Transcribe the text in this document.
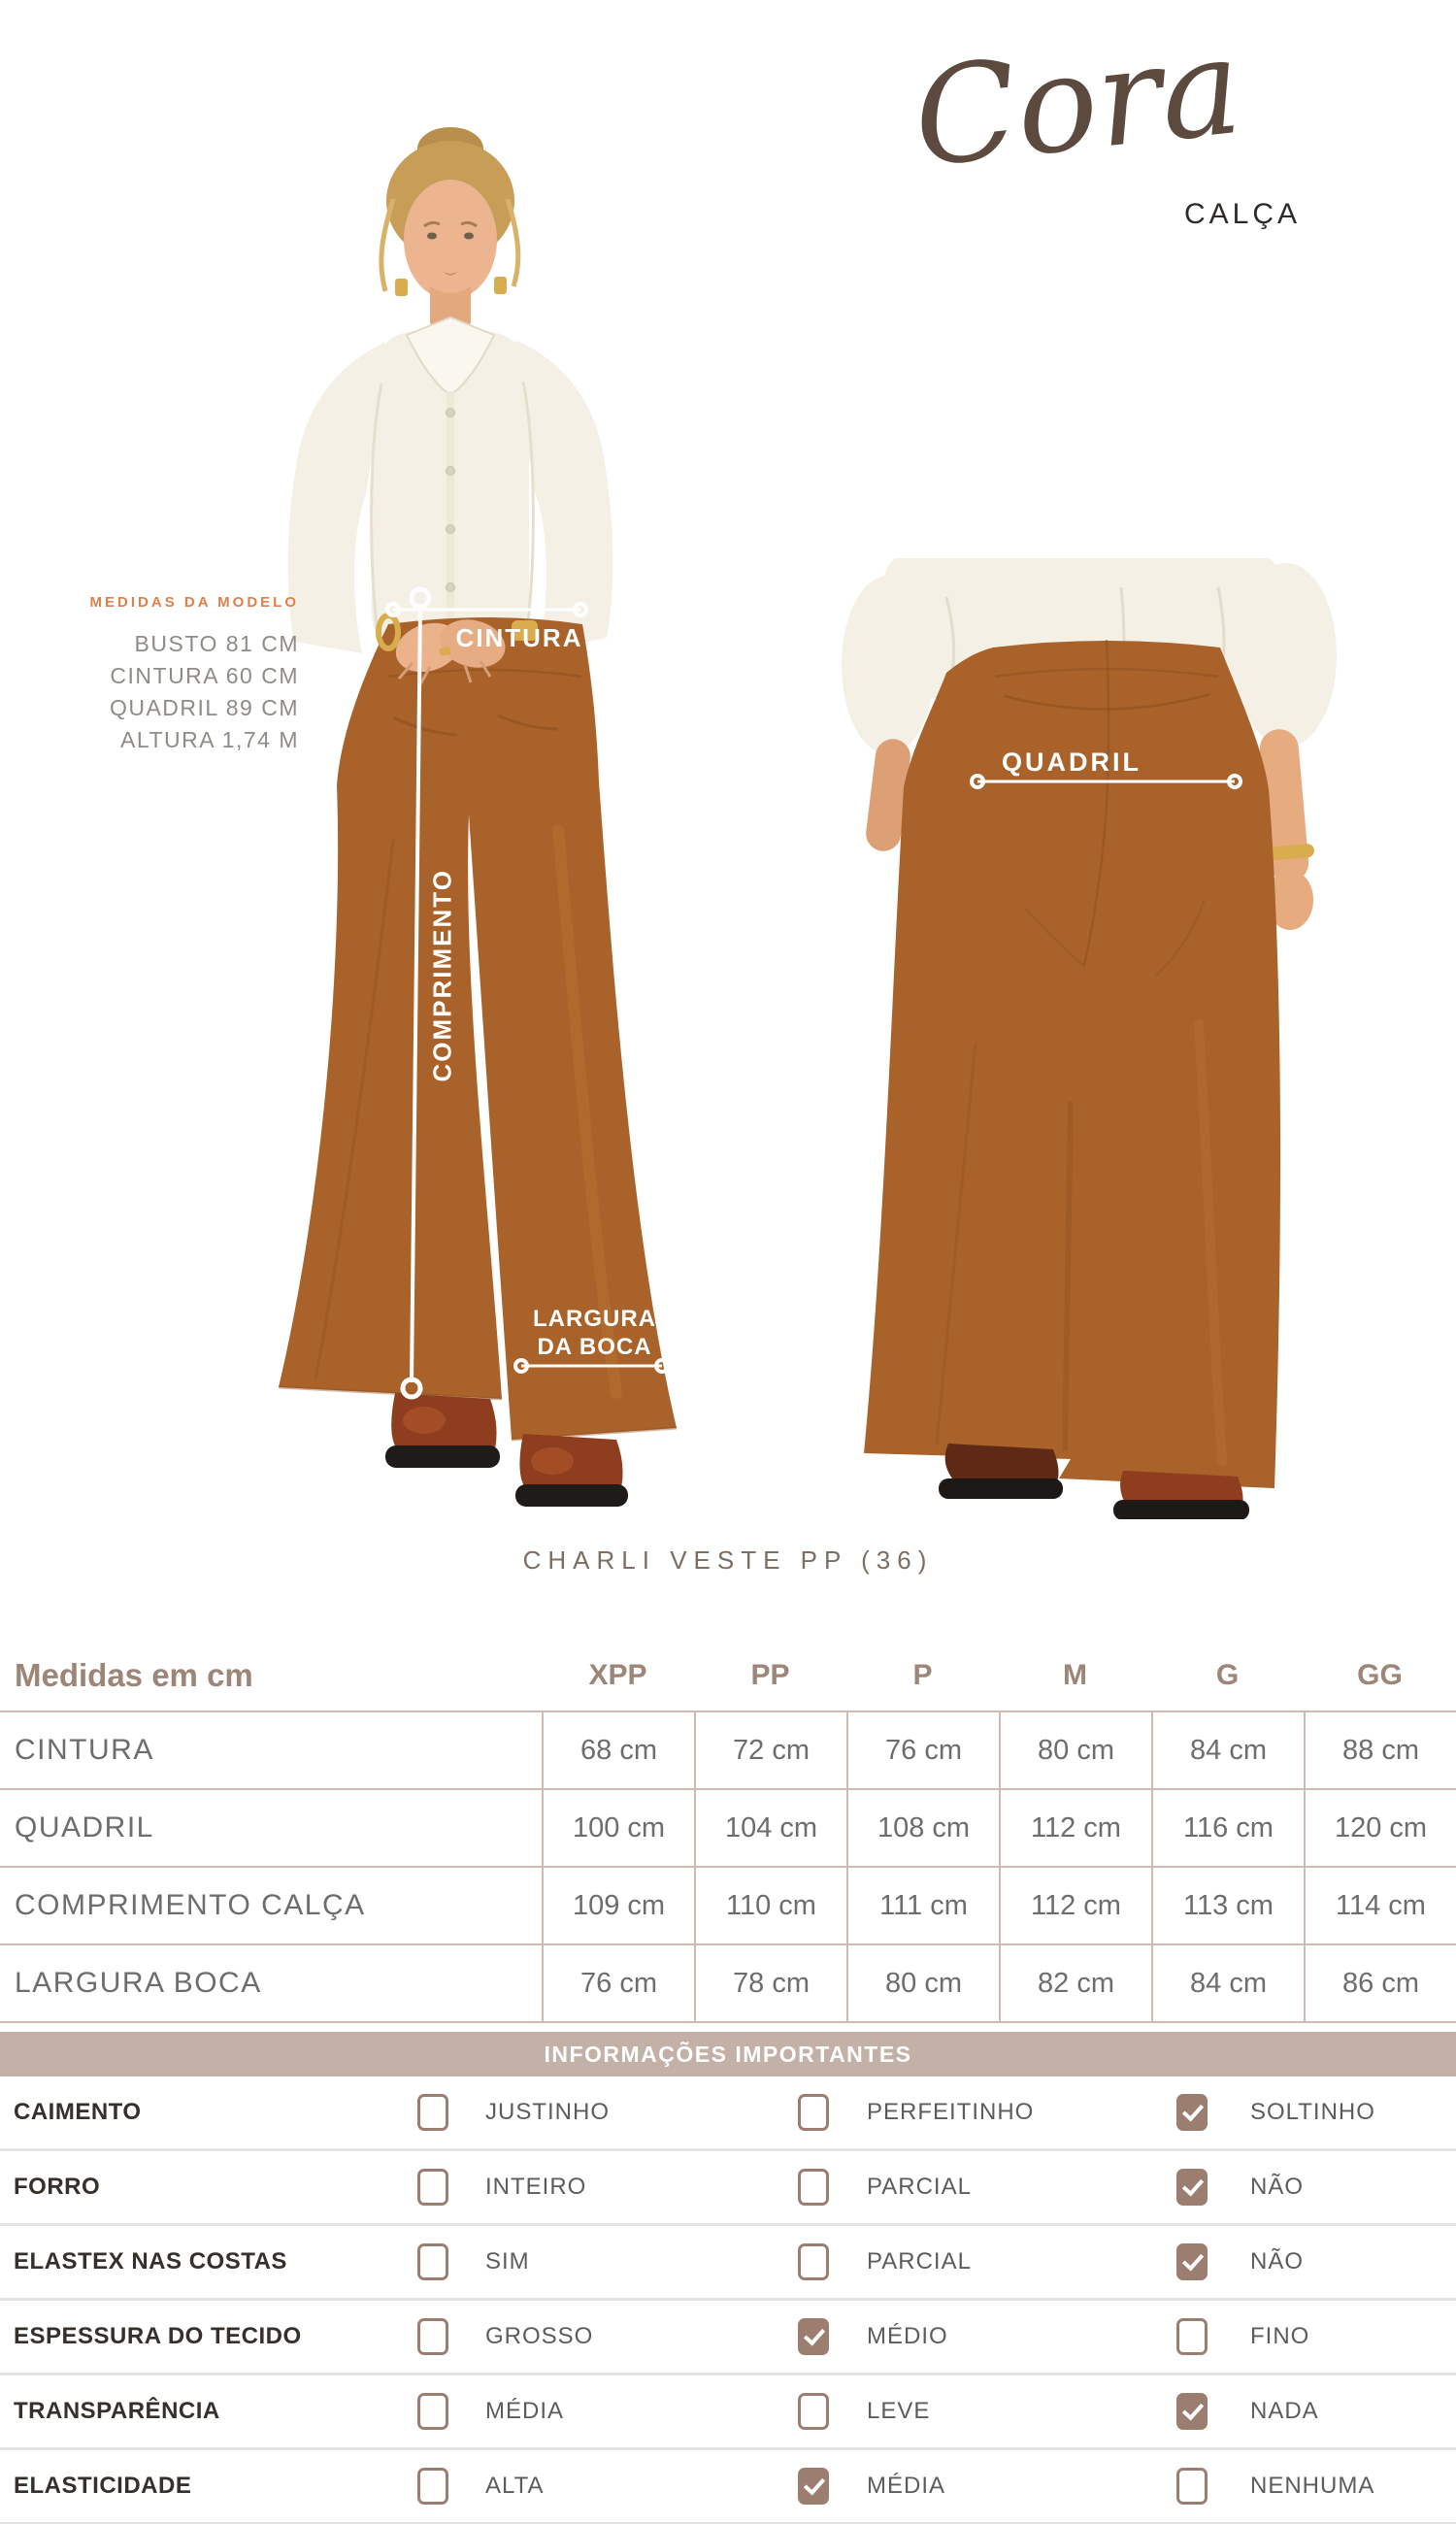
Cora
CALÇA
CINTURA
COMPRIMENTO
LARGURA
DA BOCA
QUADRIL
MEDIDAS DA MODELO
BUSTO 81 CM
CINTURA 60 CM
QUADRIL 89 CM
ALTURA 1,74 M
CHARLI VESTE PP (36)
Medidas em cm	XPP	PP	P	M	G	GG
CINTURA	68 cm	72 cm	76 cm	80 cm	84 cm	88 cm
QUADRIL	100 cm	104 cm	108 cm	112 cm	116 cm	120 cm
COMPRIMENTO CALÇA	109 cm	110 cm	111 cm	112 cm	113 cm	114 cm
LARGURA BOCA	76 cm	78 cm	80 cm	82 cm	84 cm	86 cm
INFORMAÇÕES IMPORTANTES
CAIMENTO	JUSTINHO	PERFEITINHO	SOLTINHO
FORRO	INTEIRO	PARCIAL	NÃO
ELASTEX NAS COSTAS	SIM	PARCIAL	NÃO
ESPESSURA DO TECIDO	GROSSO	MÉDIO	FINO
TRANSPARÊNCIA	MÉDIA	LEVE	NADA
ELASTICIDADE	ALTA	MÉDIA	NENHUMA
